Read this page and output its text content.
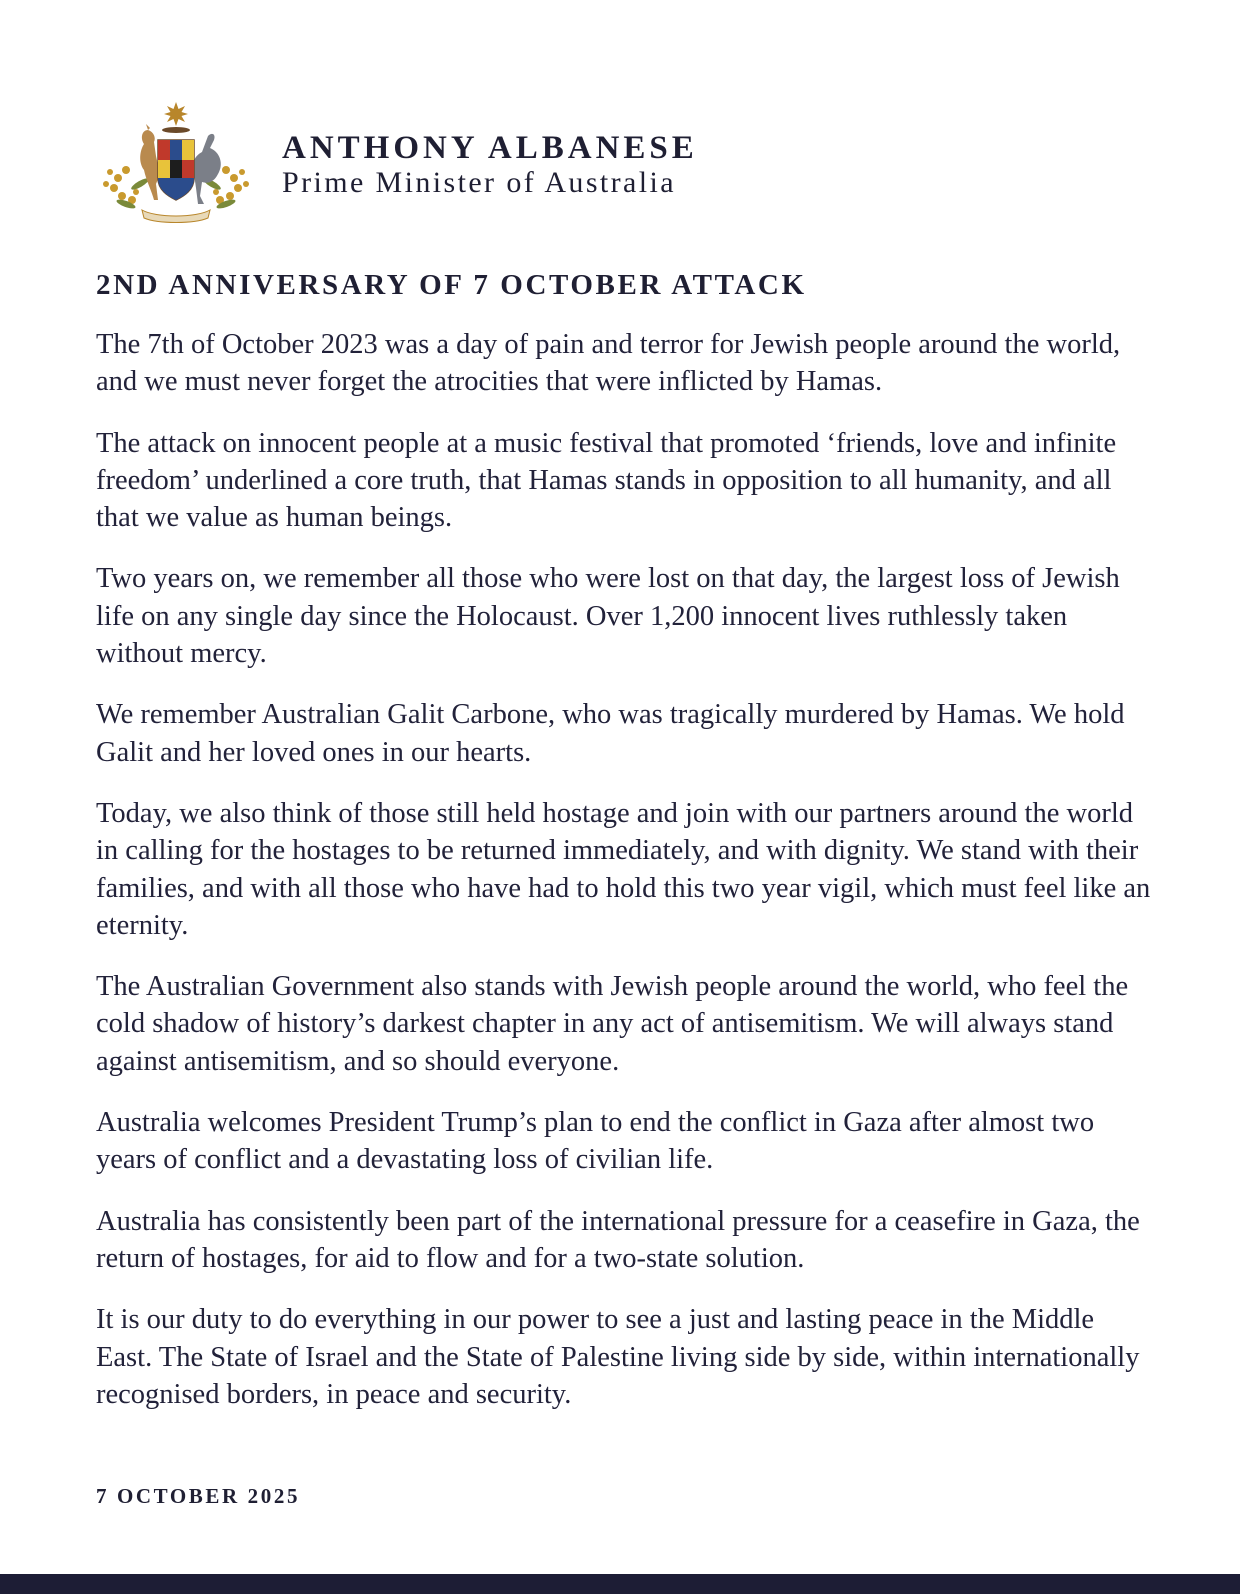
ANTHONY ALBANESE
Prime Minister of Australia
2ND ANNIVERSARY OF 7 OCTOBER ATTACK

The 7th of October 2023 was a day of pain and terror for Jewish people around the world, and we must never forget the atrocities that were inflicted by Hamas.

The attack on innocent people at a music festival that promoted ‘friends, love and infinite freedom’ underlined a core truth, that Hamas stands in opposition to all humanity, and all that we value as human beings.

Two years on, we remember all those who were lost on that day, the largest loss of Jewish life on any single day since the Holocaust. Over 1,200 innocent lives ruthlessly taken without mercy.

We remember Australian Galit Carbone, who was tragically murdered by Hamas. We hold Galit and her loved ones in our hearts.

Today, we also think of those still held hostage and join with our partners around the world in calling for the hostages to be returned immediately, and with dignity. We stand with their families, and with all those who have had to hold this two year vigil, which must feel like an eternity.

The Australian Government also stands with Jewish people around the world, who feel the cold shadow of history’s darkest chapter in any act of antisemitism. We will always stand against antisemitism, and so should everyone.

Australia welcomes President Trump’s plan to end the conflict in Gaza after almost two years of conflict and a devastating loss of civilian life.

Australia has consistently been part of the international pressure for a ceasefire in Gaza, the return of hostages, for aid to flow and for a two-state solution.

It is our duty to do everything in our power to see a just and lasting peace in the Middle East. The State of Israel and the State of Palestine living side by side, within internationally recognised borders, in peace and security.

7 OCTOBER 2025
